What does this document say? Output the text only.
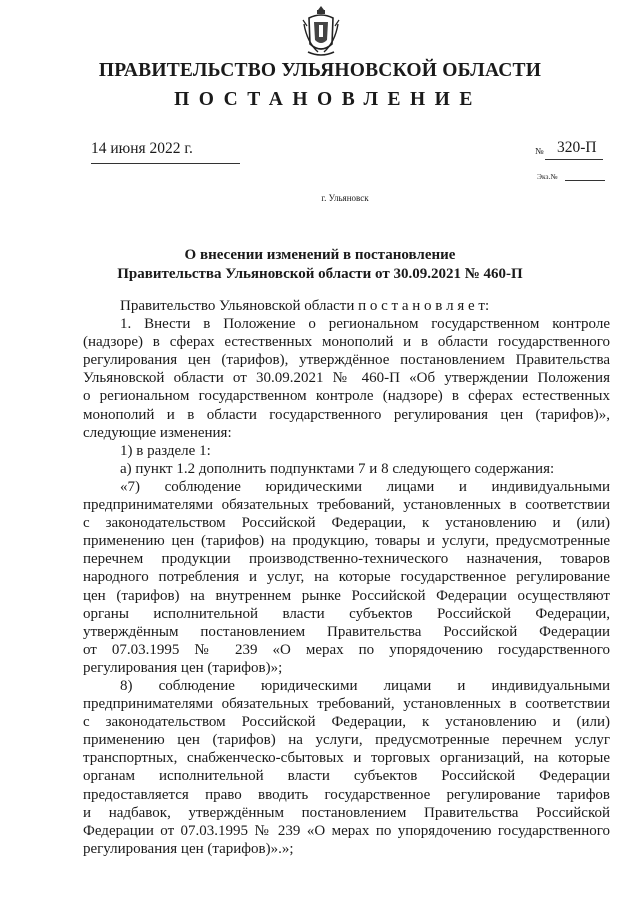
ПРАВИТЕЛЬСТВО УЛЬЯНОВСКОЙ ОБЛАСТИ
ПОСТАНОВЛЕНИЕ
14 июня 2022 г.	№ 320-П
Экз.№
г. Ульяновск
О внесении изменений в постановление
Правительства Ульяновской области от 30.09.2021 № 460-П
Правительство Ульяновской области п о с т а н о в л я е т:
1. Внести в Положение о региональном государственном контроле
(надзоре) в сферах естественных монополий и в области государственного
регулирования цен (тарифов), утверждённое постановлением Правительства
Ульяновской области от 30.09.2021 № 460-П «Об утверждении Положения
о региональном государственном контроле (надзоре) в сферах естественных
монополий и в области государственного регулирования цен (тарифов)»,
следующие изменения:
1) в разделе 1:
а) пункт 1.2 дополнить подпунктами 7 и 8 следующего содержания:
«7) соблюдение юридическими лицами и индивидуальными
предпринимателями обязательных требований, установленных в соответствии
с законодательством Российской Федерации, к установлению и (или)
применению цен (тарифов) на продукцию, товары и услуги, предусмотренные
перечнем продукции производственно-технического назначения, товаров
народного потребления и услуг, на которые государственное регулирование
цен (тарифов) на внутреннем рынке Российской Федерации осуществляют
органы исполнительной власти субъектов Российской Федерации,
утверждённым постановлением Правительства Российской Федерации
от 07.03.1995 № 239 «О мерах по упорядочению государственного
регулирования цен (тарифов)»;
8) соблюдение юридическими лицами и индивидуальными
предпринимателями обязательных требований, установленных в соответствии
с законодательством Российской Федерации, к установлению и (или)
применению цен (тарифов) на услуги, предусмотренные перечнем услуг
транспортных, снабженческо-сбытовых и торговых организаций, на которые
органам исполнительной власти субъектов Российской Федерации
предоставляется право вводить государственное регулирование тарифов
и надбавок, утверждённым постановлением Правительства Российской
Федерации от 07.03.1995 № 239 «О мерах по упорядочению государственного
регулирования цен (тарифов)».»;
